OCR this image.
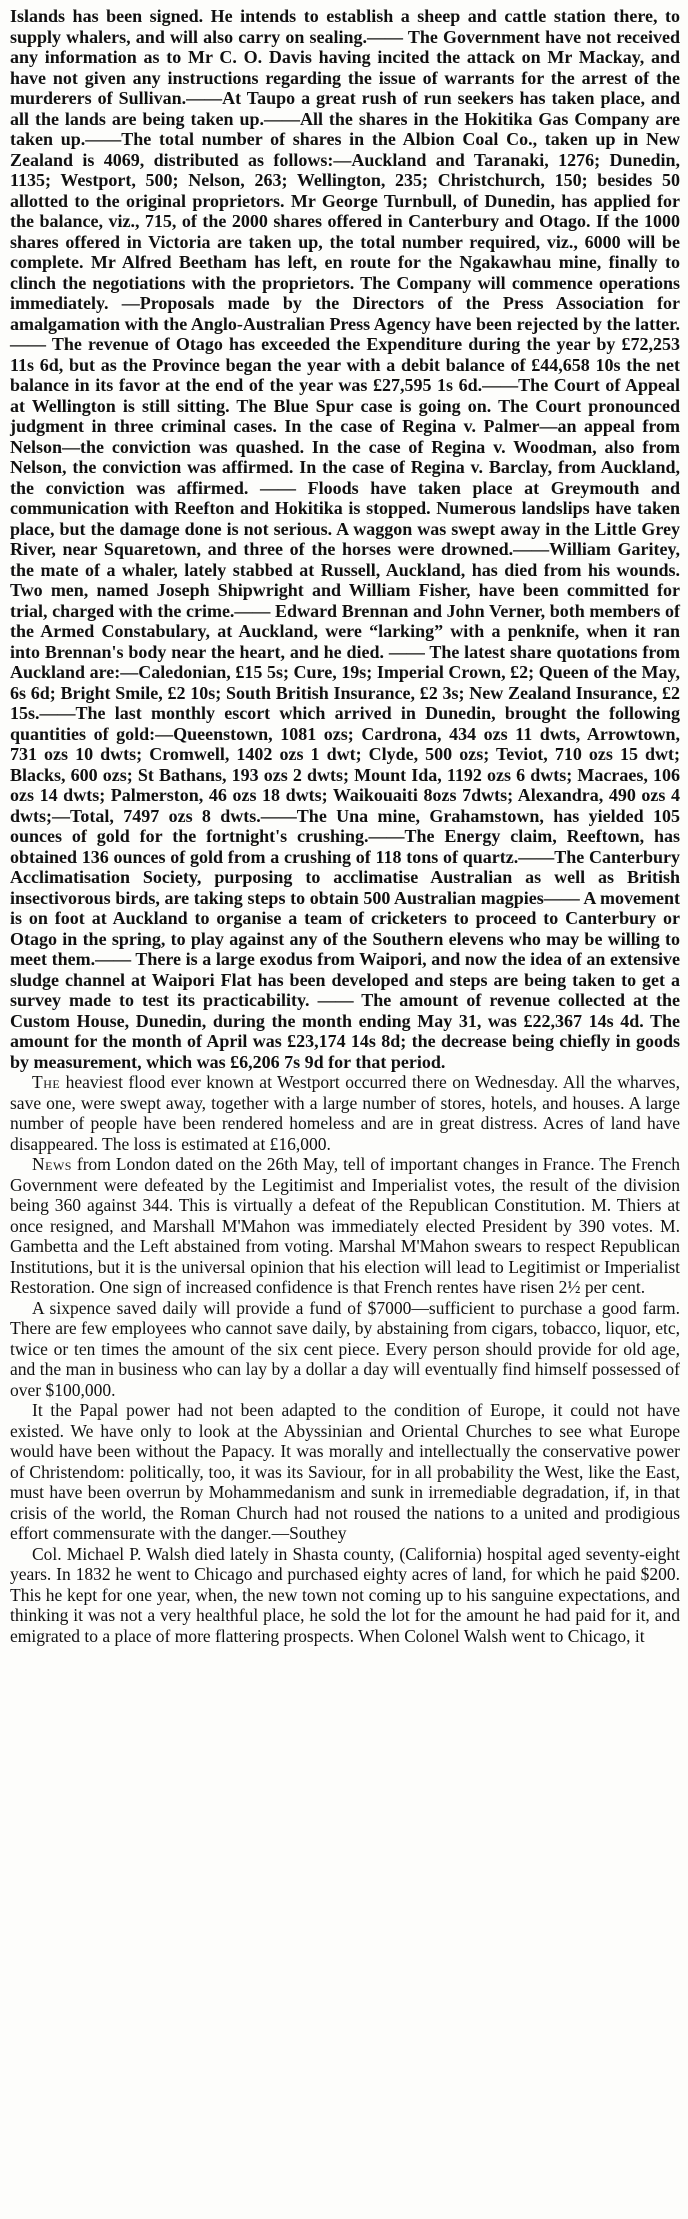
Islands has been signed. He intends to establish a sheep and cattle station there, to supply whalers, and will also carry on sealing.—— The Government have not received any information as to Mr C. O. Davis having incited the attack on Mr Mackay, and have not given any instructions regarding the issue of warrants for the arrest of the murderers of Sullivan.——At Taupo a great rush of run seekers has taken place, and all the lands are being taken up.——All the shares in the Hokitika Gas Company are taken up.——The total number of shares in the Albion Coal Co., taken up in New Zealand is 4069, distributed as follows:—Auckland and Taranaki, 1276; Dunedin, 1135; Westport, 500; Nelson, 263; Wellington, 235; Christchurch, 150; besides 50 allotted to the original proprietors. Mr George Turnbull, of Dunedin, has applied for the balance, viz., 715, of the 2000 shares offered in Canterbury and Otago. If the 1000 shares offered in Victoria are taken up, the total number required, viz., 6000 will be complete. Mr Alfred Beetham has left, en route for the Ngakawhau mine, finally to clinch the negotiations with the proprietors. The Company will commence operations immediately. —Proposals made by the Directors of the Press Association for amalgamation with the Anglo-Australian Press Agency have been rejected by the latter.—— The revenue of Otago has exceeded the Expenditure during the year by £72,253 11s 6d, but as the Province began the year with a debit balance of £44,658 10s the net balance in its favor at the end of the year was £27,595 1s 6d.——The Court of Appeal at Wellington is still sitting. The Blue Spur case is going on. The Court pronounced judgment in three criminal cases. In the case of Regina v. Palmer—an appeal from Nelson—the conviction was quashed. In the case of Regina v. Woodman, also from Nelson, the conviction was affirmed. In the case of Regina v. Barclay, from Auckland, the conviction was affirmed. —— Floods have taken place at Greymouth and communication with Reefton and Hokitika is stopped. Numerous landslips have taken place, but the damage done is not serious. A waggon was swept away in the Little Grey River, near Squaretown, and three of the horses were drowned.——William Garitey, the mate of a whaler, lately stabbed at Russell, Auckland, has died from his wounds. Two men, named Joseph Shipwright and William Fisher, have been committed for trial, charged with the crime.—— Edward Brennan and John Verner, both members of the Armed Constabulary, at Auckland, were “larking” with a penknife, when it ran into Brennan's body near the heart, and he died. —— The latest share quotations from Auckland are:—Caledonian, £15 5s; Cure, 19s; Imperial Crown, £2; Queen of the May, 6s 6d; Bright Smile, £2 10s; South British Insurance, £2 3s; New Zealand Insurance, £2 15s.——The last monthly escort which arrived in Dunedin, brought the following quantities of gold:—Queenstown, 1081 ozs; Cardrona, 434 ozs 11 dwts, Arrowtown, 731 ozs 10 dwts; Cromwell, 1402 ozs 1 dwt; Clyde, 500 ozs; Teviot, 710 ozs 15 dwt; Blacks, 600 ozs; St Bathans, 193 ozs 2 dwts; Mount Ida, 1192 ozs 6 dwts; Macraes, 106 ozs 14 dwts; Palmerston, 46 ozs 18 dwts; Waikouaiti 8ozs 7dwts; Alexandra, 490 ozs 4 dwts;—Total, 7497 ozs 8 dwts.——The Una mine, Grahamstown, has yielded 105 ounces of gold for the fortnight's crushing.——The Energy claim, Reeftown, has obtained 136 ounces of gold from a crushing of 118 tons of quartz.——The Canterbury Acclimatisation Society, purposing to acclimatise Australian as well as British insectivorous birds, are taking steps to obtain 500 Australian magpies—— A movement is on foot at Auckland to organise a team of cricketers to proceed to Canterbury or Otago in the spring, to play against any of the Southern elevens who may be willing to meet them.—— There is a large exodus from Waipori, and now the idea of an extensive sludge channel at Waipori Flat has been developed and steps are being taken to get a survey made to test its practicability. —— The amount of revenue collected at the Custom House, Dunedin, during the month ending May 31, was £22,367 14s 4d. The amount for the month of April was £23,174 14s 8d; the decrease being chiefly in goods by measurement, which was £6,206 7s 9d for that period.

The heaviest flood ever known at Westport occurred there on Wednesday. All the wharves, save one, were swept away, together with a large number of stores, hotels, and houses. A large number of people have been rendered homeless and are in great distress. Acres of land have disappeared. The loss is estimated at £16,000.

News from London dated on the 26th May, tell of important changes in France. The French Government were defeated by the Legitimist and Imperialist votes, the result of the division being 360 against 344. This is virtually a defeat of the Republican Constitution. M. Thiers at once resigned, and Marshall M'Mahon was immediately elected President by 390 votes. M. Gambetta and the Left abstained from voting. Marshal M'Mahon swears to respect Republican Institutions, but it is the universal opinion that his election will lead to Legitimist or Imperialist Restoration. One sign of increased confidence is that French rentes have risen 2½ per cent.

A sixpence saved daily will provide a fund of $7000—sufficient to purchase a good farm. There are few employees who cannot save daily, by abstaining from cigars, tobacco, liquor, etc, twice or ten times the amount of the six cent piece. Every person should provide for old age, and the man in business who can lay by a dollar a day will eventually find himself possessed of over $100,000.

It the Papal power had not been adapted to the condition of Europe, it could not have existed. We have only to look at the Abyssinian and Oriental Churches to see what Europe would have been without the Papacy. It was morally and intellectually the conservative power of Christendom: politically, too, it was its Saviour, for in all probability the West, like the East, must have been overrun by Mohammedanism and sunk in irremediable degradation, if, in that crisis of the world, the Roman Church had not roused the nations to a united and prodigious effort commensurate with the danger.—Southey

Col. Michael P. Walsh died lately in Shasta county, (California) hospital aged seventy-eight years. In 1832 he went to Chicago and purchased eighty acres of land, for which he paid $200. This he kept for one year, when, the new town not coming up to his sanguine expectations, and thinking it was not a very healthful place, he sold the lot for the amount he had paid for it, and emigrated to a place of more flattering prospects. When Colonel Walsh went to Chicago, it
